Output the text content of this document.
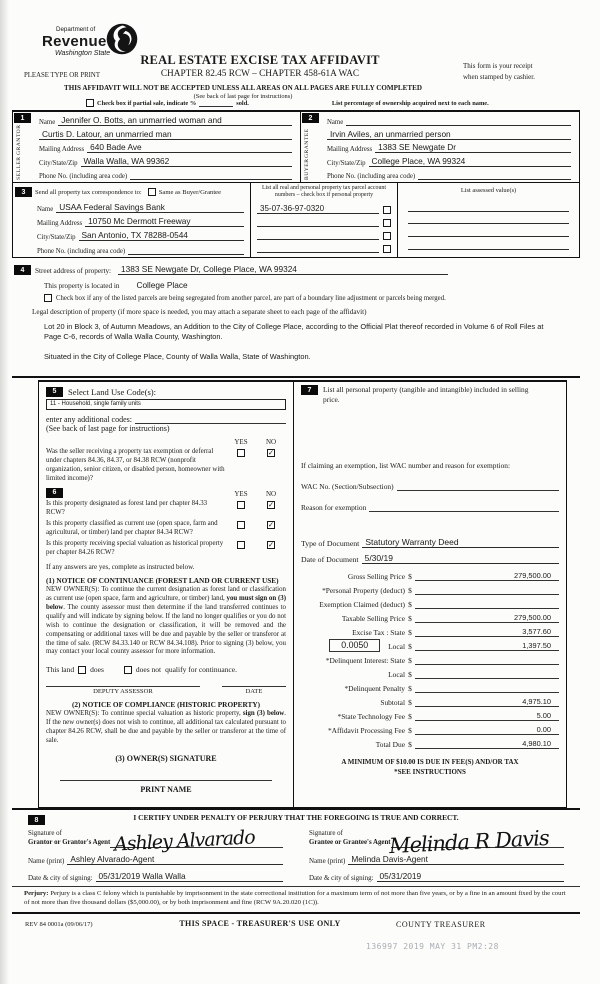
Department of
Revenue
Washington State
PLEASE TYPE OR PRINT
REAL ESTATE EXCISE TAX AFFIDAVIT
CHAPTER 82.45 RCW – CHAPTER 458-61A WAC
This form is your receipt
when stamped by cashier.
THIS AFFIDAVIT WILL NOT BE ACCEPTED UNLESS ALL AREAS ON ALL PAGES ARE FULLY COMPLETED
(See back of last page for instructions)
Check box if partial sale, indicate %	sold.	List percentage of ownership acquired next to each name.
1
SELLER
GRANTOR
Name Jennifer O. Botts, an unmarried woman and
Curtis D. Latour, an unmarried man
Mailing Address 640 Bade Ave
City/State/Zip Walla Walla, WA 99362
Phone No. (including area code)
2
BUYER
GRANTEE
Name
Irvin Aviles, an unmarried person
Mailing Address 1383 SE Newgate Dr
City/State/Zip College Place, WA 99324
Phone No. (including area code)
3	Send all property tax correspondence to:	Same as Buyer/Grantee
Name USAA Federal Savings Bank
Mailing Address 10750 Mc Dermott Freeway
City/State/Zip San Antonio, TX 78288-0544
Phone No. (including area code)
List all real and personal property tax parcel account numbers – check box if personal property
35-07-36-97-0320
List assessed value(s)
4	Street address of property:	1383 SE Newgate Dr, College Place, WA 99324
This property is located in	College Place
Check box if any of the listed parcels are being segregated from another parcel, are part of a boundary line adjustment or parcels being merged.
Legal description of property (if more space is needed, you may attach a separate sheet to each page of the affidavit)

Lot 20 in Block 3, of Autumn Meadows, an Addition to the City of College Place, according to the Official Plat thereof recorded in Volume 6 of Roll Files at Page C-6, records of Walla Walla County, Washington.

Situated in the City of College Place, County of Walla Walla, State of Washington.

5	Select Land Use Code(s):
11 - Household, single family units
enter any additional codes:
(See back of last page for instructions)
YES	NO
Was the seller receiving a property tax exemption or deferral under chapters 84.36, 84.37, or 84.38 RCW (nonprofit organization, senior citizen, or disabled person, homeowner with limited income)?
✓
6	YES	NO
Is this property designated as forest land per chapter 84.33 RCW?
✓
Is this property classified as current use (open space, farm and agricultural, or timber) land per chapter 84.34 RCW?
✓
Is this property receiving special valuation as historical property per chapter 84.26 RCW?
✓
If any answers are yes, complete as instructed below.
(1) NOTICE OF CONTINUANCE (FOREST LAND OR CURRENT USE)

NEW OWNER(S): To continue the current designation as forest land or classification as current use (open space, farm and agriculture, or timber) land, you must sign on (3) below. The county assessor must then determine if the land transferred continues to qualify and will indicate by signing below. If the land no longer qualifies or you do not wish to continue the designation or classification, it will be removed and the compensating or additional taxes will be due and payable by the seller or transferor at the time of sale. (RCW 84.33.140 or RCW 84.34.108). Prior to signing (3) below, you may contact your local county assessor for more information.

This land does	does not qualify for continuance.
DEPUTY ASSESSOR	DATE
(2) NOTICE OF COMPLIANCE (HISTORIC PROPERTY)

NEW OWNER(S): To continue special valuation as historic property, sign (3) below. If the new owner(s) does not wish to continue, all additional tax calculated pursuant to chapter 84.26 RCW, shall be due and payable by the seller or transferor at the time of sale.

(3) OWNER(S) SIGNATURE
PRINT NAME
7	List all personal property (tangible and intangible) included in selling price.
If claiming an exemption, list WAC number and reason for exemption:
WAC No. (Section/Subsection)
Reason for exemption
Type of Document Statutory Warranty Deed
Date of Document 5/30/19
Gross Selling Price $	279,500.00
*Personal Property (deduct) $
Exemption Claimed (deduct) $
Taxable Selling Price $	279,500.00
Excise Tax : State $	3,577.60
0.0050	Local $	1,397.50
*Delinquent Interest: State $
Local $
*Delinquent Penalty $
Subtotal $	4,975.10
*State Technology Fee $	5.00
*Affidavit Processing Fee $	0.00
Total Due $	4,980.10
A MINIMUM OF $10.00 IS DUE IN FEE(S) AND/OR TAX
*SEE INSTRUCTIONS
8	I CERTIFY UNDER PENALTY OF PERJURY THAT THE FOREGOING IS TRUE AND CORRECT.
Signature of
Grantor or Grantor's Agent Ashley Alvarado
Name (print) Ashley Alvarado-Agent
Date & city of signing: 05/31/2019 Walla Walla
Signature of
Grantee or Grantee's Agent
Melinda R Davis
Name (print) Melinda Davis-Agent
Date & city of signing: 05/31/2019
Perjury: Perjury is a class C felony which is punishable by imprisonment in the state correctional institution for a maximum term of not more than five years, or by a fine in an amount fixed by the court of not more than five thousand dollars ($5,000.00), or by both imprisonment and fine (RCW 9A.20.020 (1C)).
REV 84 0001a (09/06/17)	THIS SPACE - TREASURER'S USE ONLY	COUNTY TREASURER
136997 2019 MAY 31 PM2:28
